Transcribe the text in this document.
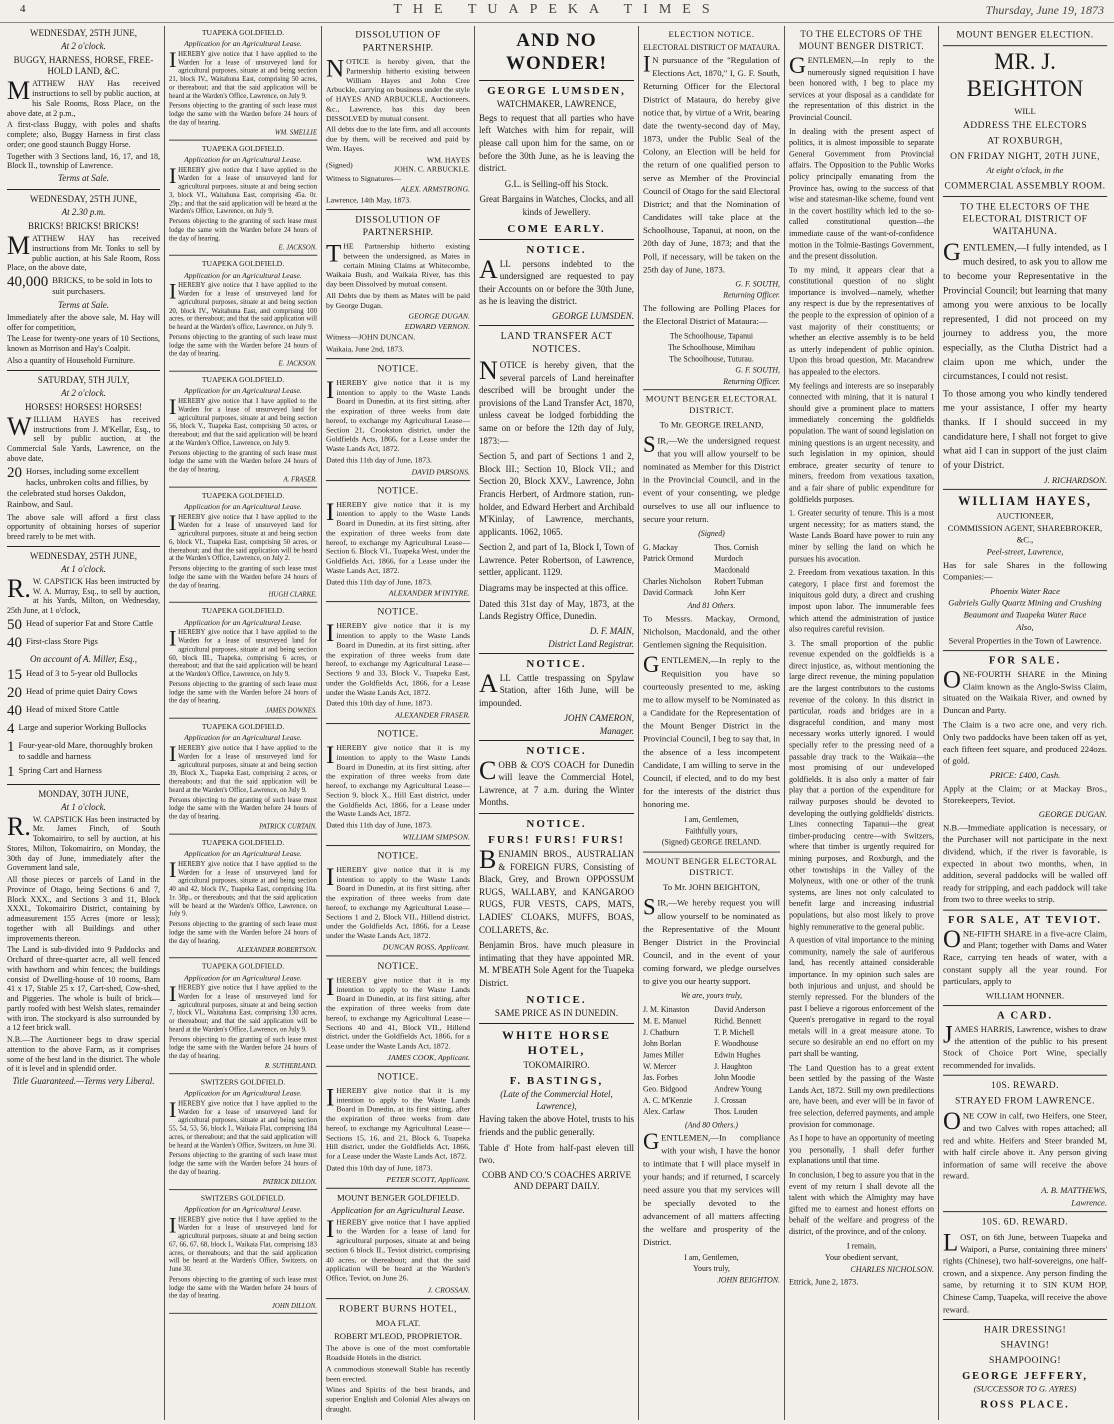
4	THE TUAPEKA TIMES	Thursday, June 19, 1873
WEDNESDAY, 25TH JUNE,
At 2 o'clock.
BUGGY, HARNESS, HORSE, FREE-HOLD LAND, &C.

MATTHEW HAY Has received instructions to sell by public auction, at his Sale Rooms, Ross Place, on the above date, at 2 p.m.,

A first-class Buggy, with poles and shafts complete; also, Buggy Harness in first class order; one good staunch Buggy Horse.

Together with 3 Sections land, 16, 17, and 18, Block II., township of Lawrence.

Terms at Sale.
WEDNESDAY, 25TH JUNE,
At 2.30 p.m.
BRICKS! BRICKS! BRICKS!

MATTHEW HAY has received instructions from Mr. Tonks to sell by public auction, at his Sale Room, Ross Place, on the above date,

40,000 BRICKS, to be sold in lots to suit purchasers.
Terms at Sale.

Immediately after the above sale, M. Hay will offer for competition,

The Lease for twenty-one years of 10 Sections, known as Morrison and Hay's Coalpit.

Also a quantity of Household Furniture.

SATURDAY, 5TH JULY,
At 2 o'clock.
HORSES! HORSES! HORSES!

WILLIAM HAYES has received instructions from J. M'Kellar, Esq., to sell by public auction, at the Commercial Sale Yards, Lawrence, on the above date,

20 Horses, including some excellent hacks, unbroken colts and fillies, by the celebrated stud horses Oakdon, Rainbow, and Saul.

The above sale will afford a first class opportunity of obtaining horses of superior breed rarely to be met with.

WEDNESDAY, 25TH JUNE,
At 1 o'clock.

R.W. CAPSTICK Has been instructed by W. A. Murray, Esq., to sell by auction, at his Yards, Milton, on Wednesday, 25th June, at 1 o'clock,

50 Head of superior Fat and Store Cattle
40 First-class Store Pigs
On account of A. Miller, Esq.,
15 Head of 3 to 5-year old Bullocks
20 Head of prime quiet Dairy Cows
40 Head of mixed Store Cattle
4 Large and superior Working Bullocks
1 Four-year-old Mare, thoroughly broken to saddle and harness
1 Spring Cart and Harness
MONDAY, 30TH JUNE,
At 1 o'clock.

R.W. CAPSTICK Has been instructed by Mr. James Finch, of South Tokomairiro, to sell by auction, at his Stores, Milton, Tokomairiro, on Monday, the 30th day of June, immediately after the Government land sale,

All those pieces or parcels of Land in the Province of Otago, being Sections 6 and 7, Block XXX., and Sections 3 and 11, Block XXXI., Tokomairiro District, containing by admeasurement 155 Acres (more or less); together with all Buildings and other improvements thereon.

The Land is sub-divided into 9 Paddocks and Orchard of three-quarter acre, all well fenced with hawthorn and whin fences; the buildings consist of Dwelling-house of 10 rooms, Barn 41 x 17, Stable 25 x 17, Cart-shed, Cow-shed, and Piggeries. The whole is built of brick—partly roofed with best Welsh slates, remainder with iron. The stockyard is also surrounded by a 12 feet brick wall.

N.B.—The Auctioneer begs to draw special attention to the above Farm, as it comprises some of the best land in the district. The whole of it is level and in splendid order.

Title Guaranteed.—Terms very Liberal.
TUAPEKA GOLDFIELD.
Application for an Agricultural Lease.

IHEREBY give notice that I have applied to the Warden for a lease of unsurveyed land for agricultural purposes, situate at and being section 21, block IV., Waitahuna East, comprising 50 acres, or thereabout; and that the said application will be heard at the Warden's Office, Lawrence, on July 9.

Persons objecting to the granting of such lease must lodge the same with the Warden before 24 hours of the day of hearing.

WM. SMELLIE
TUAPEKA GOLDFIELD.
Application for an Agricultural Lease.

IHEREBY give notice that I have applied to the Warden for a lease of unsurveyed land for agricultural purposes, situate at and being section 3, block VI., Waitahuna East, comprising 45a. 0r. 29p.; and that the said application will be heard at the Warden's Office, Lawrence, on July 9.

Persons objecting to the granting of such lease must lodge the same with the Warden before 24 hours of the day of hearing.

E. JACKSON.
TUAPEKA GOLDFIELD.
Application for an Agricultural Lease.

IHEREBY give notice that I have applied to the Warden for a lease of unsurveyed land for agricultural purposes, situate at and being section 20, block IV., Waitahuna East, and comprising 100 acres, or thereabout; and that the said application will be heard at the Warden's office, Lawrence, on July 9.

Persons objecting to the granting of such lease must lodge the same with the Warden before 24 hours of the day of hearing.

E. JACKSON.
TUAPEKA GOLDFIELD.
Application for an Agricultural Lease.

IHEREBY give notice that I have applied to the Warden for a lease of unsurveyed land for agricultural purposes, situate at and being section 56, block V., Tuapeka East, comprising 50 acres, or thereabout; and that the said application will be heard at the Warden's Office, Lawrence, on July 9.

Persons objecting to the granting of such lease must lodge the same with the Warden before 24 hours of the day of hearing.

A. FRASER.
TUAPEKA GOLDFIELD.
Application for an Agricultural Lease.

IHEREBY give notice that I have applied to the Warden for a lease of unsurveyed land for agricultural purposes, situate at and being section 6, block VI., Tuapeka East, comprising 50 acres, or thereabout; and that the said application will be heard at the Warden's Office, Lawrence, on July 2.

Persons objecting to the granting of such lease must lodge the same with the Warden before 24 hours of the day of hearing.

HUGH CLARKE.
TUAPEKA GOLDFIELD.
Application for an Agricultural Lease.

IHEREBY give notice that I have applied to the Warden for a lease of unsurveyed land for agricultural purposes, situate at and being section 60, block III., Tuapeka, comprising 6 acres, or thereabout; and that the said application will be heard at the Warden's Office, Lawrence, on July 9.

Persons objecting to the granting of such lease must lodge the same with the Warden before 24 hours of the day of hearing.

JAMES DOWNES.
TUAPEKA GOLDFIELD.
Application for an Agricultural Lease.

IHEREBY give notice that I have applied to the Warden for a lease of unsurveyed land for agricultural purposes, situate at and being section 39, Block X., Tuapeka East, comprising 2 acres, or thereabouts; and that the said application will be heard at the Warden's Office, Lawrence, on July 9.

Persons objecting to the granting of such lease must lodge the same with the Warden before 24 hours of the day of hearing.

PATRICK CURTAIN.
TUAPEKA GOLDFIELD.
Application for an Agricultural Lease.

IHEREBY give notice that I have applied to the Warden for a lease of unsurveyed land for agricultural purposes, situate at and being section 40 and 42, block IV., Tuapeka East, comprising 10a. 1r. 38p., or thereabouts; and that the said application will be heard at the Warden's Office, Lawrence, on July 9.

Persons objecting to the granting of such lease must lodge the same with the Warden before 24 hours of the day of hearing.

ALEXANDER ROBERTSON.
TUAPEKA GOLDFIELD.
Application for an Agricultural Lease.

IHEREBY give notice that I have applied to the Warden for a lease of unsurveyed land for agricultural purposes, situate at and being section 7, block VI., Waitahuna East, comprising 130 acres, or thereabout; and that the said application will be heard at the Warden's Office, Lawrence, on July 9.

Persons objecting to the granting of such lease must lodge the same with the Warden before 24 hours of the day of hearing.

R. SUTHERLAND.
SWITZERS GOLDFIELD.
Application for an Agricultural Lease.

IHEREBY give notice that I have applied to the Warden for a lease of unsurveyed land for agricultural purposes, situate at and being section 55, 54, 53, 56, block I., Waikaia Flat, comprising 184 acres, or thereabout; and that the said application will be heard at the Warden's Office, Switzers, on June 30.

Persons objecting to the granting of such lease must lodge the same with the Warden before 24 hours of the day of hearing.

PATRICK DILLON.
SWITZERS GOLDFIELD.
Application for an Agricultural Lease.

IHEREBY give notice that I have applied to the Warden for a lease of unsurveyed land for agricultural purposes, situate at and being section 67, 66, 67, 68, block I., Waikaia Flat, comprising 183 acres, or thereabouts; and that the said application will be heard at the Warden's Office, Switzers, on June 30.

Persons objecting to the granting of such lease must lodge the same with the Warden before 24 hours of the day of hearing.

JOHN DILLON.
DISSOLUTION OF PARTNERSHIP.

NOTICE is hereby given, that the Partnership hitherto existing between William Hayes and John Cree Arbuckle, carrying on business under the style of HAYES AND ARBUCKLE, Auctioneers, &c., Lawrence, has this day been DISSOLVED by mutual consent.

All debts due to the late firm, and all accounts due by them, will be received and paid by Wm. Hayes.

(Signed)
WM. HAYES
JOHN. C. ARBUCKLE.

Witness to Signatures—

ALEX. ARMSTRONG.

Lawrence, 14th May, 1873.

DISSOLUTION OF PARTNERSHIP.

THE Partnership hitherto existing between the undersigned, as Mates in certain Mining Claims at Whitecombe, Waikaia Bush, and Waikaia River, has this day been Dissolved by mutual consent.

All Debts due by them as Mates will be paid by George Dugan.

GEORGE DUGAN.
EDWARD VERNON.

Witness—JOHN DUNCAN.

Waikaia, June 2nd, 1873.

NOTICE.

IHEREBY give notice that it is my intention to apply to the Waste Lands Board in Dunedin, at its first sitting, after the expiration of three weeks from date hereof, to exchange my Agricultural Lease— Section 21, Crookston district, under the Goldfields Acts, 1866, for a Lease under the Waste Lands Act, 1872.

Dated this 11th day of June, 1873.

DAVID PARSONS.
NOTICE.

IHEREBY give notice that it is my intention to apply to the Waste Lands Board in Dunedin, at its first sitting, after the expiration of three weeks from date hereof, to exchange my Agricultural Lease— Section 6. Block VI., Tuapeka West, under the Goldfields Act, 1866, for a Lease under the Waste Lands Act, 1872.

Dated this 11th day of June, 1873.

ALEXANDER M'INTYRE.
NOTICE.

IHEREBY give notice that it is my intention to apply to the Waste Lands Board in Dunedin, at its first sitting, after the expiration of three weeks from date hereof, to exchange my Agricultural Lease— Sections 9 and 33, Block V., Tuapeka East, under the Goldfields Act, 1866, for a Lease under the Waste Lands Act, 1872.

Dated this 10th day of June, 1873.

ALEXANDER FRASER.
NOTICE.

IHEREBY give notice that it is my intention to apply to the Waste Lands Board in Dunedin, at its first sitting, after the expiration of three weeks from date hereof, to exchange my Agricultural Lease— Section 9, block X., Hill East district, under the Goldfields Act, 1866, for a Lease under the Waste Lands Act, 1872.

Dated this 11th day of June, 1873.

WILLIAM SIMPSON.
NOTICE.

IHEREBY give notice that it is my intention to apply to the Waste Lands Board in Dunedin, at its first sitting, after the expiration of three weeks from date hereof, to exchange my Agricultural Lease— Sections 1 and 2, Block VII., Hillend district, under the Goldfields Act, 1866, for a Lease under the Waste Lands Act, 1872.

DUNCAN ROSS, Applicant.
NOTICE.

IHEREBY give notice that it is my intention to apply to the Waste Lands Board in Dunedin, at its first sitting, after the expiration of three weeks from date hereof, to exchange my Agricultural Lease— Sections 40 and 41, Block VII., Hillend district, under the Goldfields Act, 1866, for a Lease under the Waste Lands Act, 1872.

JAMES COOK, Applicant.
NOTICE.

IHEREBY give notice that it is my intention to apply to the Waste Lands Board in Dunedin, at its first sitting, after the expiration of three weeks from date hereof, to exchange my Agricultural Lease— Sections 15, 16, and 21, Block 6, Tuapeka Hill district, under the Goldfields Act, 1866, for a Lease under the Waste Lands Act, 1872.

Dated this 10th day of June, 1873.

PETER SCOTT, Applicant.
MOUNT BENGER GOLDFIELD.
Application for an Agricultural Lease.

IHEREBY give notice that I have applied to the Warden for a lease of land for agricultural purposes, situate at and being section 6 block II., Teviot district, comprising 40 acres, or thereabout; and that the said application will be heard at the Warden's Office, Teviot, on June 26.

J. CROSSAN.
ROBERT BURNS HOTEL,
MOA FLAT.
ROBERT M'LEOD, PROPRIETOR.

The above is one of the most comfortable Roadside Hotels in the district.

A commodious stonewall Stable has recently been erected.

Wines and Spirits of the best brands, and superior English and Colonial Ales always on draught.

AND NO WONDER!
GEORGE LUMSDEN,
WATCHMAKER, LAWRENCE,

Begs to request that all parties who have left Watches with him for repair, will please call upon him for the same, on or before the 30th June, as he is leaving the district.

G.L. is Selling-off his Stock.

Great Bargains in Watches, Clocks, and all kinds of Jewellery.

COME EARLY.
NOTICE.

ALL persons indebted to the undersigned are requested to pay their Accounts on or before the 30th June, as he is leaving the district.

GEORGE LUMSDEN.
LAND TRANSFER ACT NOTICES.

NOTICE is hereby given, that the several parcels of Land hereinafter described will be brought under the provisions of the Land Transfer Act, 1870, unless caveat be lodged forbidding the same on or before the 12th day of July, 1873:—

Section 5, and part of Sections 1 and 2, Block III.; Section 10, Block VII.; and Section 20, Block XXV., Lawrence, John Francis Herbert, of Ardmore station, run-holder, and Edward Herbert and Archibald M'Kinlay, of Lawrence, merchants, applicants. 1062, 1065.

Section 2, and part of 1a, Block I, Town of Lawrence. Peter Robertson, of Lawrence, settler, applicant. 1129.

Diagrams may be inspected at this office.

Dated this 31st day of May, 1873, at the Lands Registry Office, Dunedin.

D. F. MAIN,
District Land Registrar.
NOTICE.

ALL Cattle trespassing on Spylaw Station, after 16th June, will be impounded.

JOHN CAMERON,
Manager.
NOTICE.

COBB & CO'S COACH for Dunedin will leave the Commercial Hotel, Lawrence, at 7 a.m. during the Winter Months.

NOTICE.
FURS! FURS! FURS!

BENJAMIN BROS., AUSTRALIAN & FOREIGN FURS, Consisting of Black, Grey, and Brown OPPOSSUM RUGS, WALLABY, and KANGAROO RUGS, FUR VESTS, CAPS, MATS, LADIES' CLOAKS, MUFFS, BOAS, COLLARETS, &c.

Benjamin Bros. have much pleasure in intimating that they have appointed MR. M. M'BEATH Sole Agent for the Tuapeka District.

NOTICE.
SAME PRICE AS IN DUNEDIN.
WHITE HORSE HOTEL,
TOKOMAIRIRO.
F. BASTINGS,
(Late of the Commercial Hotel, Lawrence),

Having taken the above Hotel, trusts to his friends and the public generally.

Table d' Hote from half-past eleven till two.

COBB AND CO.'S COACHES ARRIVE AND DEPART DAILY.
ELECTION NOTICE.
ELECTORAL DISTRICT OF MATAURA.

IN pursuance of the "Regulation of Elections Act, 1870," I, G. F. South, Returning Officer for the Electoral District of Mataura, do hereby give notice that, by virtue of a Writ, bearing date the twenty-second day of May, 1873, under the Public Seal of the Colony, an Election will be held for the return of one qualified person to serve as Member of the Provincial Council of Otago for the said Electoral District; and that the Nomination of Candidates will take place at the Schoolhouse, Tapanui, at noon, on the 20th day of June, 1873; and that the Poll, if necessary, will be taken on the 25th day of June, 1873.

G. F. SOUTH,
Returning Officer.

The following are Polling Places for the Electoral District of Mataura:—

The Schoolhouse, Tapanui
The Schoolhouse, Mimihau
The Schoolhouse, Tuturau.
G. F. SOUTH,
Returning Officer.
MOUNT BENGER ELECTORAL DISTRICT.

To Mr. GEORGE IRELAND,

SIR,—We the undersigned request that you will allow yourself to be nominated as Member for this District in the Provincial Council, and in the event of your consenting, we pledge ourselves to use all our influence to secure your return.

(Signed)
G. Mackay	Thos. Cornish
Patrick Ormond	Murdoch Macdonald
Charles Nicholson	Robert Tubman
David Cormack	John Kerr
And 81 Others.

To Messrs. Mackay, Ormond, Nicholson, Macdonald, and the other Gentlemen signing the Requisition.

GENTLEMEN,—In reply to the Requisition you have so courteously presented to me, asking me to allow myself to be Nominated as a Candidate for the Representation of the Mount Benger District in the Provincial Council, I beg to say that, in the absence of a less incompetent Candidate, I am willing to serve in the Council, if elected, and to do my best for the interests of the district thus honoring me.

I am, Gentlemen,
Faithfully yours,
(Signed) GEORGE IRELAND.
MOUNT BENGER ELECTORAL DISTRICT.

To Mr. JOHN BEIGHTON,

SIR,—We hereby request you will allow yourself to be nominated as the Representative of the Mount Benger District in the Provincial Council, and in the event of your coming forward, we pledge ourselves to give you our hearty support.

We are, yours truly,
J. M. Kinaston	David Anderson
M. E. Manuel	Richd. Bennett
J. Chatburn	T. P. Michell
John Borlan	F. Woodhouse
James Miller	Edwin Hughes
W. Mercer	J. Haughton
Jas. Forbes	John Moodie
Geo. Bidgood	Andrew Young
A. C. M'Kenzie	J. Crossan
Alex. Carlaw	Thos. Louden
(And 80 Others.)

GENTLEMEN,—In compliance with your wish, I have the honor to intimate that I will place myself in your hands; and if returned, I scarcely need assure you that my services will be specially devoted to the advancement of all matters affecting the welfare and prosperity of the District.

I am, Gentlemen,
Yours truly,
JOHN BEIGHTON.
TO THE ELECTORS OF THE MOUNT BENGER DISTRICT.

GENTLEMEN,—In reply to the numerously signed requisition I have been honored with, I beg to place my services at your disposal as a candidate for the representation of this district in the Provincial Council.

In dealing with the present aspect of politics, it is almost impossible to separate General Government from Provincial affairs. The Opposition to the Public Works policy principally emanating from the Province has, owing to the success of that wise and statesman-like scheme, found vent in the covert hostility which led to the so-called constitutional question—the immediate cause of the want-of-confidence motion in the Tolmie-Bastings Government, and the present dissolution.

To my mind, it appears clear that a constitutional question of no slight importance is involved—namely, whether any respect is due by the representatives of the people to the expression of opinion of a vast majority of their constituents; or whether an elective assembly is to be held as utterly independent of public opinion. Upon this broad question, Mr. Macandrew has appealed to the electors.

My feelings and interests are so inseparably connected with mining, that it is natural I should give a prominent place to matters immediately concerning the goldfields population. The want of sound legislation on mining questions is an urgent necessity, and such legislation in my opinion, should embrace, greater security of tenure to miners, freedom from vexatious taxation, and a fair share of public expenditure for goldfields purposes.

1. Greater security of tenure. This is a most urgent necessity; for as matters stand, the Waste Lands Board have power to ruin any miner by selling the land on which he pursues his avocation.

2. Freedom from vexatious taxation. In this category, I place first and foremost the iniquitous gold duty, a direct and crushing impost upon labor. The innumerable fees which attend the administration of justice also requires careful revision.

3. The small proportion of the public revenue expended on the goldfields is a direct injustice, as, without mentioning the large direct revenue, the mining population are the largest contributors to the customs revenue of the colony. In this district in particular, roads and bridges are in a disgraceful condition, and many most necessary works utterly ignored. I would specially refer to the pressing need of a passable dray track to the Waikaia—the most promising of our undeveloped goldfields. It is also only a matter of fair play that a portion of the expenditure for railway purposes should be devoted to developing the outlying goldfields' districts. Lines connecting Tapanui—the great timber-producing centre—with Switzers, where that timber is urgently required for mining purposes, and Roxburgh, and the other townships in the Valley of the Molyneux, with one or other of the trunk systems, are lines not only calculated to benefit large and increasing industrial populations, but also most likely to prove highly remunerative to the general public.

A question of vital importance to the mining community, namely the sale of auriferous land, has recently attained considerable importance. In my opinion such sales are both injurious and unjust, and should be sternly repressed. For the blunders of the past I believe a rigorous enforcement of the Queen's prerogative in regard to the royal metals will in a great measure atone. To secure so desirable an end no effort on my part shall be wanting.

The Land Question has to a great extent been settled by the passing of the Waste Lands Act, 1872. Still my own predilections are, have been, and ever will be in favor of free selection, deferred payments, and ample provision for commonage.

As I hope to have an opportunity of meeting you personally, I shall defer further explanations until that time.

In conclusion, I beg to assure you that in the event of my return I shall devote all the talent with which the Almighty may have gifted me to earnest and honest efforts on behalf of the welfare and progress of the district, of the province, and of the colony.

I remain,
Your obedient servant,
CHARLES NICHOLSON.

Ettrick, June 2, 1873.

MOUNT BENGER ELECTION.
MR. J. BEIGHTON
WILL
ADDRESS THE ELECTORS
AT ROXBURGH,
ON FRIDAY NIGHT, 20TH JUNE,
At eight o'clock, in the
COMMERCIAL ASSEMBLY ROOM.
TO THE ELECTORS OF THE ELECTORAL DISTRICT OF WAITAHUNA.

GENTLEMEN,—I fully intended, as I much desired, to ask you to allow me to become your Representative in the Provincial Council; but learning that many among you were anxious to be locally represented, I did not proceed on my journey to address you, the more especially, as the Clutha District had a claim upon me which, under the circumstances, I could not resist.

To those among you who kindly tendered me your assistance, I offer my hearty thanks. If I should succeed in my candidature here, I shall not forget to give what aid I can in support of the just claim of your District.

J. RICHARDSON.
WILLIAM HAYES,
AUCTIONEER,
COMMISSION AGENT, SHAREBROKER, &C.,
Peel-street, Lawrence,

Has for sale Shares in the following Companies:—

Phoenix Water Race
Gabriels Gully Quartz Mining and Crushing
Beaumont and Tuapeka Water Race
Also,

Several Properties in the Town of Lawrence.

FOR SALE.

ONE-FOURTH SHARE in the Mining Claim known as the Anglo-Swiss Claim, situated on the Waikaia River, and owned by Duncan and Party.

The Claim is a two acre one, and very rich. Only two paddocks have been taken off as yet, each fifteen feet square, and produced 224ozs. of gold.

PRICE: £400, Cash.

Apply at the Claim; or at Mackay Bros., Storekeepers, Teviot.

GEORGE DUGAN.

N.B.—Immediate application is necessary, or the Purchaser will not participate in the next dividend, which, if the river is favorable, is expected in about two months, when, in addition, several paddocks will be walled off ready for stripping, and each paddock will take from two to three weeks to strip.

FOR SALE, AT TEVIOT.

ONE-FIFTH SHARE in a five-acre Claim, and Plant; together with Dams and Water Race, carrying ten heads of water, with a constant supply all the year round. For particulars, apply to

WILLIAM HONNER.
A CARD.

JAMES HARRIS, Lawrence, wishes to draw the attention of the public to his present Stock of Choice Port Wine, specially recommended for invalids.

10S. REWARD.
STRAYED FROM LAWRENCE.

ONE COW in calf, two Heifers, one Steer, and two Calves with ropes attached; all red and white. Heifers and Steer branded M, with half circle above it. Any person giving information of same will receive the above reward.

A. B. MATTHEWS,
Lawrence.
10S. 6D. REWARD.

LOST, on 6th June, between Tuapeka and Waipori, a Purse, containing three miners' rights (Chinese), two half-sovereigns, one half-crown, and a sixpence. Any person finding the same, by returning it to SIN KUM HOP, Chinese Camp, Tuapeka, will receive the above reward.

HAIR DRESSING!
SHAVING!
SHAMPOOING!
GEORGE JEFFERY,
(SUCCESSOR TO G. AYRES)
ROSS PLACE.
